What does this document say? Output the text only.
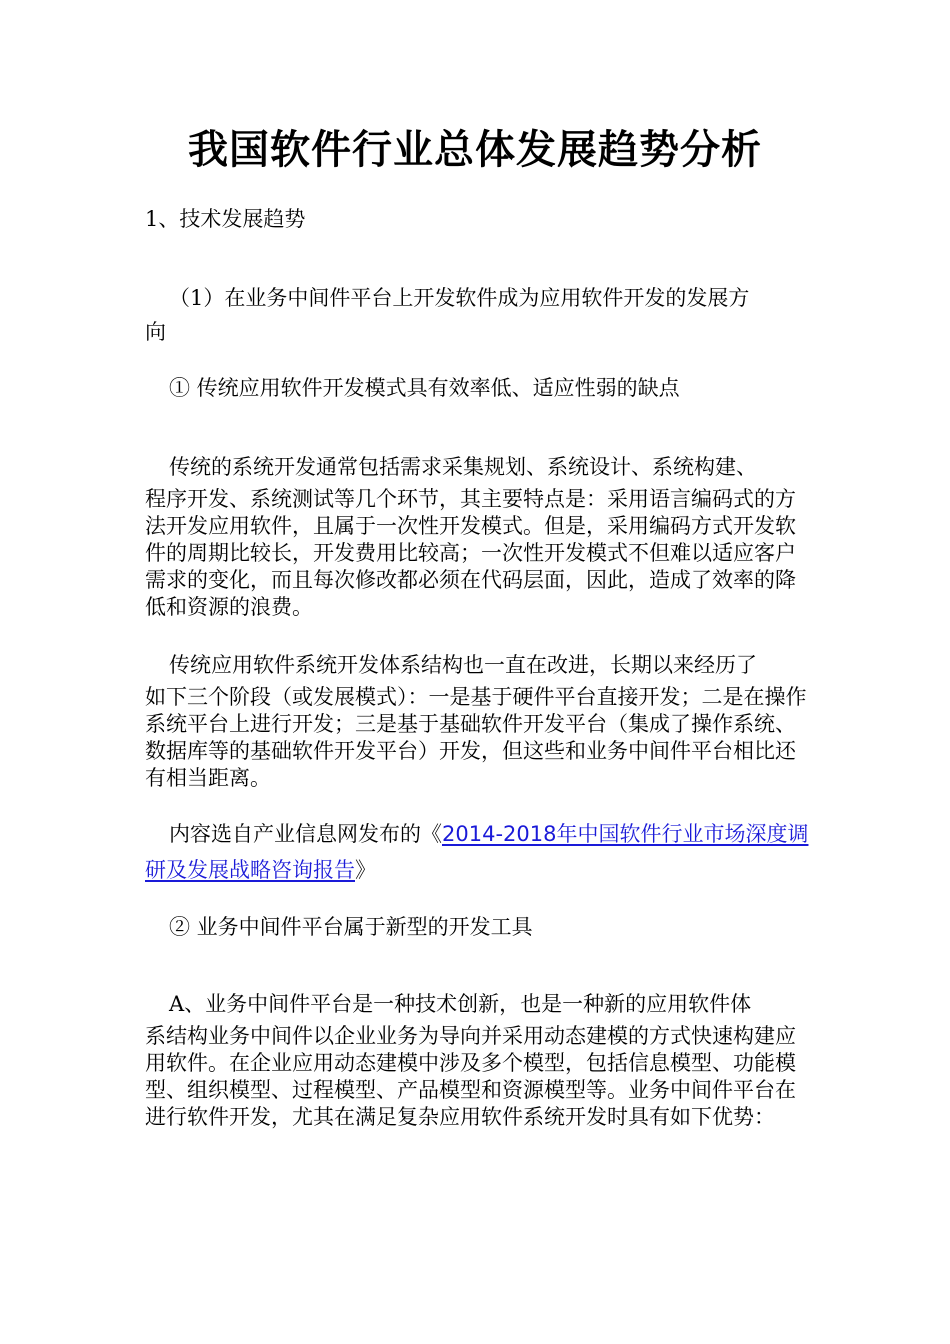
我国软件行业总体发展趋势分析
1、技术发展趋势
（1）在业务中间件平台上开发软件成为应用软件开发的发展方
向
① 传统应用软件开发模式具有效率低、适应性弱的缺点
传统的系统开发通常包括需求采集规划、系统设计、系统构建、

程序开发、系统测试等几个环节，其主要特点是：采用语言编码式的方法开发应用软件，且属于一次性开发模式。但是，采用编码方式开发软件的周期比较长，开发费用比较高；一次性开发模式不但难以适应客户需求的变化，而且每次修改都必须在代码层面，因此，造成了效率的降低和资源的浪费。

传统应用软件系统开发体系结构也一直在改进，长期以来经历了

如下三个阶段（或发展模式）：一是基于硬件平台直接开发；二是在操作系统平台上进行开发；三是基于基础软件开发平台（集成了操作系统、数据库等的基础软件开发平台）开发，但这些和业务中间件平台相比还有相当距离。

内容选自产业信息网发布的《2014-2018年中国软件行业市场深度调研及发展战略咨询报告》
② 业务中间件平台属于新型的开发工具
A、业务中间件平台是一种技术创新，也是一种新的应用软件体

系结构业务中间件以企业业务为导向并采用动态建模的方式快速构建应用软件。在企业应用动态建模中涉及多个模型，包括信息模型、功能模型、组织模型、过程模型、产品模型和资源模型等。业务中间件平台在进行软件开发，尤其在满足复杂应用软件系统开发时具有如下优势：
